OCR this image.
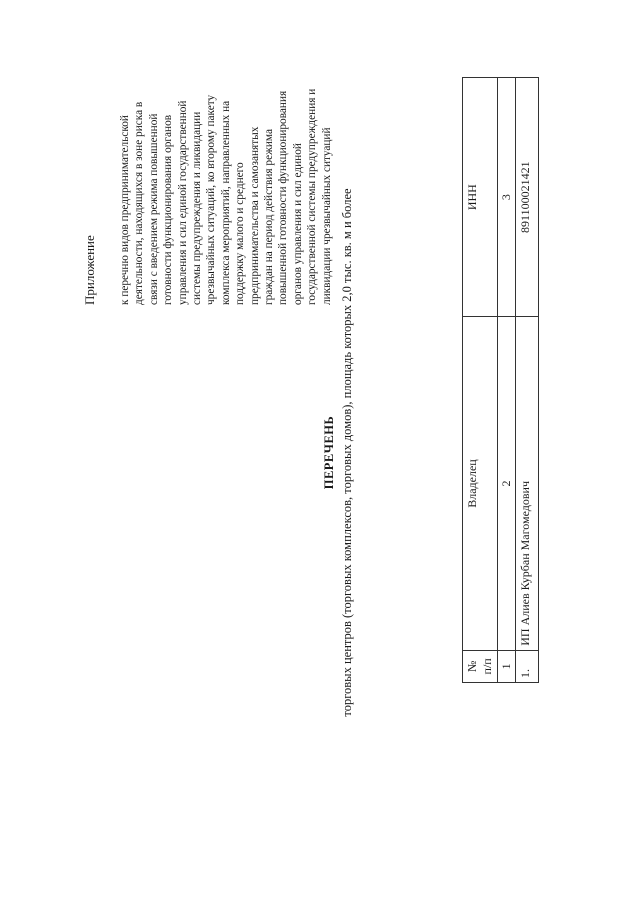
Приложение к перечню видов предпринимательской деятельности, находящихся в зоне риска в связи с введением режима повышенной готовности функционирования органов управления и сил единой государственной системы предупреждения и ликвидации чрезвычайных ситуаций, ко второму пакету комплекса мероприятий, направленных на поддержку малого и среднего предпринимательства и самозанятых граждан на период действия режима повышенной готовности функционирования органов управления и сил единой государственной системы предупреждения и ликвидации чрезвычайных ситуаций
ПЕРЕЧЕНЬ торговых центров (торговых комплексов, торговых домов), площадь которых 2,0 тыс. кв. м и более	№ п/п	Владелец	ИНН
1	2	3
1.	ИП Алиев Курбан Магомедович	891100021421
